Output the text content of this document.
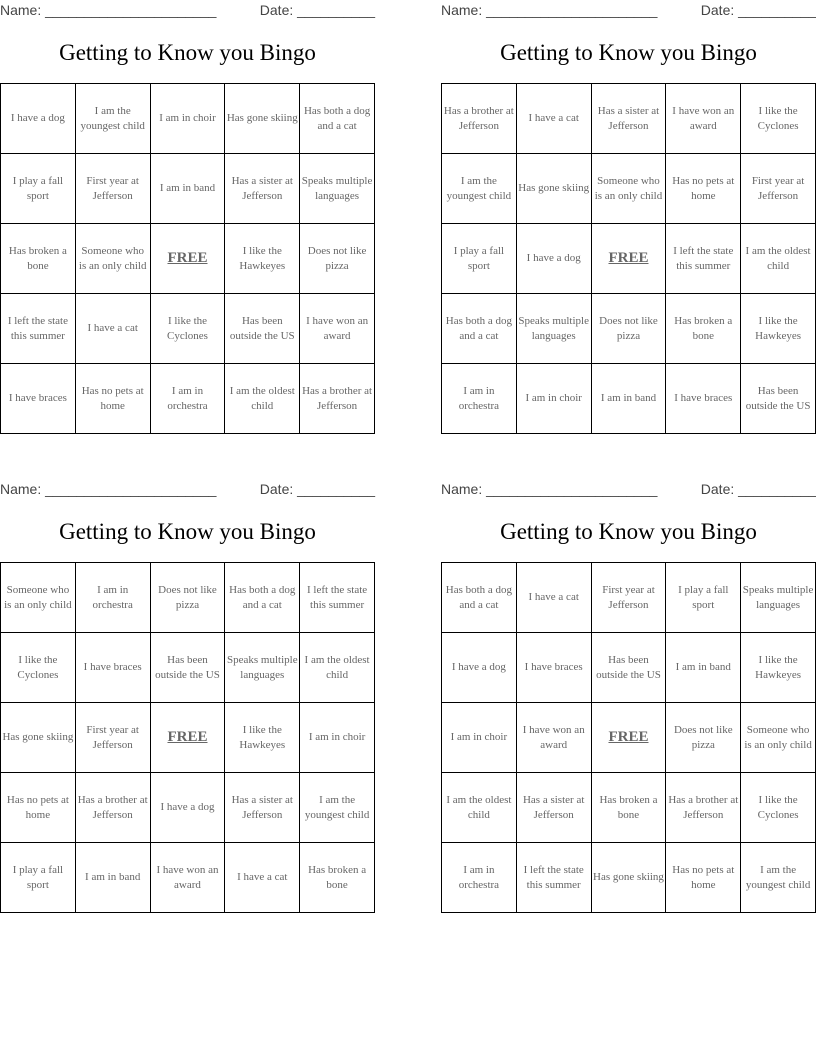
Name: ______________________	Date: __________
Getting to Know you Bingo
I have a dog	I am the youngest child	I am in choir	Has gone skiing	Has both a dog and a cat
I play a fall sport	First year at Jefferson	I am in band	Has a sister at Jefferson	Speaks multiple languages
Has broken a bone	Someone who is an only child	FREE	I like the Hawkeyes	Does not like pizza
I left the state this summer	I have a cat	I like the Cyclones	Has been outside the US	I have won an award
I have braces	Has no pets at home	I am in orchestra	I am the oldest child	Has a brother at Jefferson
Name: ______________________	Date: __________
Getting to Know you Bingo
Has a brother at Jefferson	I have a cat	Has a sister at Jefferson	I have won an award	I like the Cyclones
I am the youngest child	Has gone skiing	Someone who is an only child	Has no pets at home	First year at Jefferson
I play a fall sport	I have a dog	FREE	I left the state this summer	I am the oldest child
Has both a dog and a cat	Speaks multiple languages	Does not like pizza	Has broken a bone	I like the Hawkeyes
I am in orchestra	I am in choir	I am in band	I have braces	Has been outside the US
Name: ______________________	Date: __________
Getting to Know you Bingo
Someone who is an only child	I am in orchestra	Does not like pizza	Has both a dog and a cat	I left the state this summer
I like the Cyclones	I have braces	Has been outside the US	Speaks multiple languages	I am the oldest child
Has gone skiing	First year at Jefferson	FREE	I like the Hawkeyes	I am in choir
Has no pets at home	Has a brother at Jefferson	I have a dog	Has a sister at Jefferson	I am the youngest child
I play a fall sport	I am in band	I have won an award	I have a cat	Has broken a bone
Name: ______________________	Date: __________
Getting to Know you Bingo
Has both a dog and a cat	I have a cat	First year at Jefferson	I play a fall sport	Speaks multiple languages
I have a dog	I have braces	Has been outside the US	I am in band	I like the Hawkeyes
I am in choir	I have won an award	FREE	Does not like pizza	Someone who is an only child
I am the oldest child	Has a sister at Jefferson	Has broken a bone	Has a brother at Jefferson	I like the Cyclones
I am in orchestra	I left the state this summer	Has gone skiing	Has no pets at home	I am the youngest child
